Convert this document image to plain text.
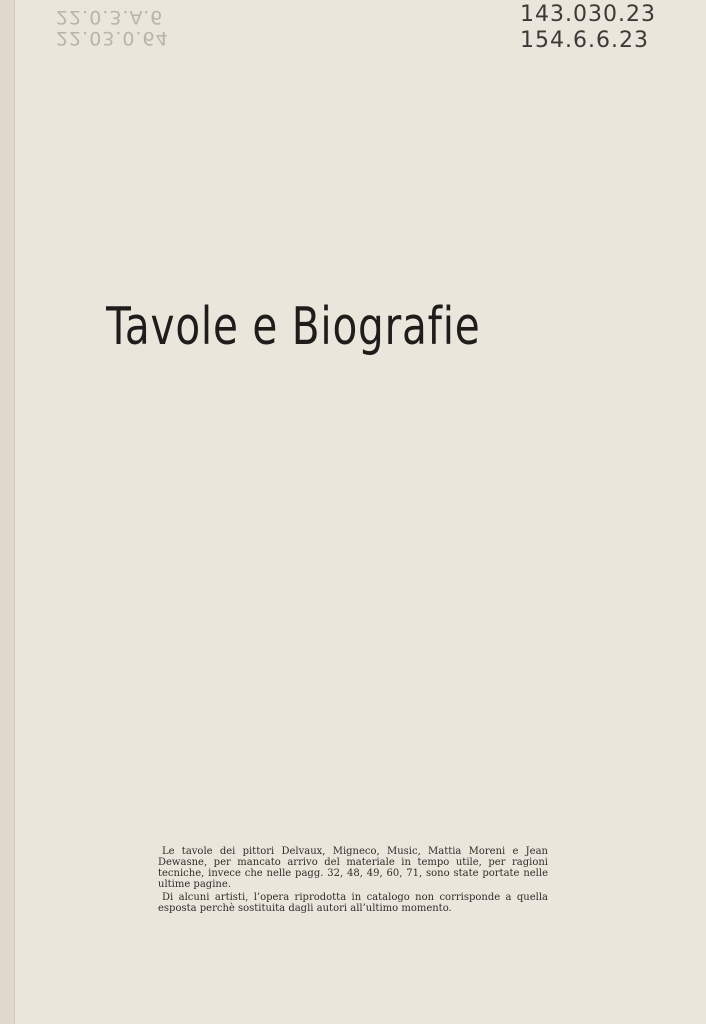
22.03.0.64
22.0.3.A.6	143.030.23
154.6.6.23
Tavole e Biografie

Le tavole dei pittori Delvaux, Migneco, Music, Mattia Moreni e Jean Dewasne, per mancato arrivo del materiale in tempo utile, per ragioni tecniche, invece che nelle pagg. 32, 48, 49, 60, 71, sono state portate nelle ultime pagine.

Di alcuni artisti, l’opera riprodotta in catalogo non corrisponde a quella esposta perchè sostituita dagli autori all’ultimo momento.
